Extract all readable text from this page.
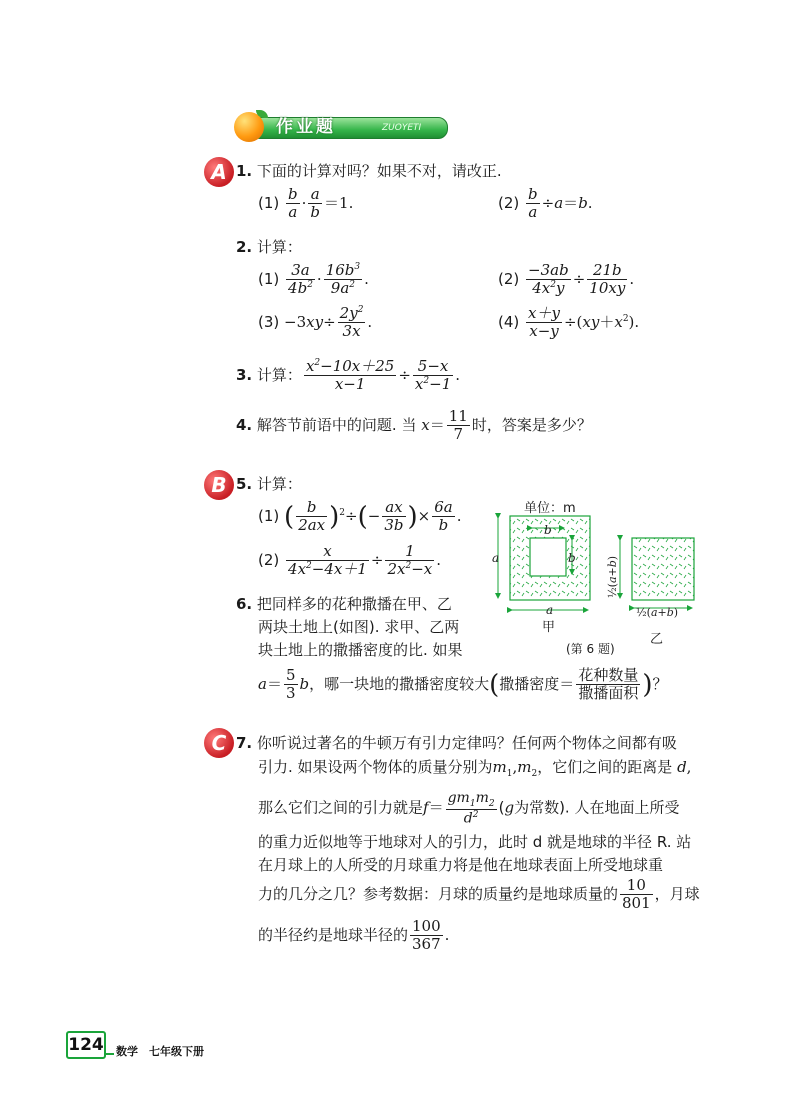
作业题	ZUOYETI
A 1. 下面的计算对吗？如果不对，请改正.
$(1) \frac{b}{a} \cdot \frac{a}{b} =1$.	$(2) \frac{b}{a} \div a=b$.
2. 计算：
$(1) \frac{3a}{4b^2} \cdot \frac{16b^3}{9a^2}$ .	$(2) \frac{-3ab}{4x^2y} \div \frac{21b}{10xy}$ .
$(3) -3xy\div \frac{2y^2}{3x}$ .	$(4) \frac{x+y}{x-y} \div(xy+x^2)$.
3. 计算： $\frac{x^2-10x+25}{x-1} \div \frac{5-x}{x^2-1}$ .
4. 解答节前语中的问题. 当 $x= \frac{11}{7}$ 时，答案是多少？
B 5. 计算：
(1) ( $\frac{b}{2ax} )^2\div(- \frac{ax}{3b}$ )× $\frac{6a}{b}$ .
$(2) \frac{x}{4x^2-4x+1} \div \frac{1}{2x^2-x}$ .
6. 把同样多的花种撒播在甲、乙
两块土地上(如图). 求甲、乙两
块土地上的撒播密度的比. 如果
$a= \frac{5}{3}$ b，哪一块地的撒播密度较大(撒播密度＝ $\frac{\text{花种数量}}{\text{撒播面积}}$ )？
单位：m
a
b
b
a
½(a+b)
½(a+b)
甲
乙
(第 6 题)
C 7. 你听说过著名的牛顿万有引力定律吗？任何两个物体之间都有吸
引力. 如果设两个物体的质量分别为$m_1,m_2$，它们之间的距离是 d,
那么它们之间的引力就是$f= \frac{gm_1m_2}{d^2} (g$为常数). 人在地面上所受
的重力近似地等于地球对人的引力，此时 d 就是地球的半径 R. 站
在月球上的人所受的月球重力将是他在地球表面上所受地球重
力的几分之几？参考数据：月球的质量约是地球质量的 $\frac{10}{801}$ ，月球
的半径约是地球半径的 $\frac{100}{367}$ .
124 数学　七年级下册
